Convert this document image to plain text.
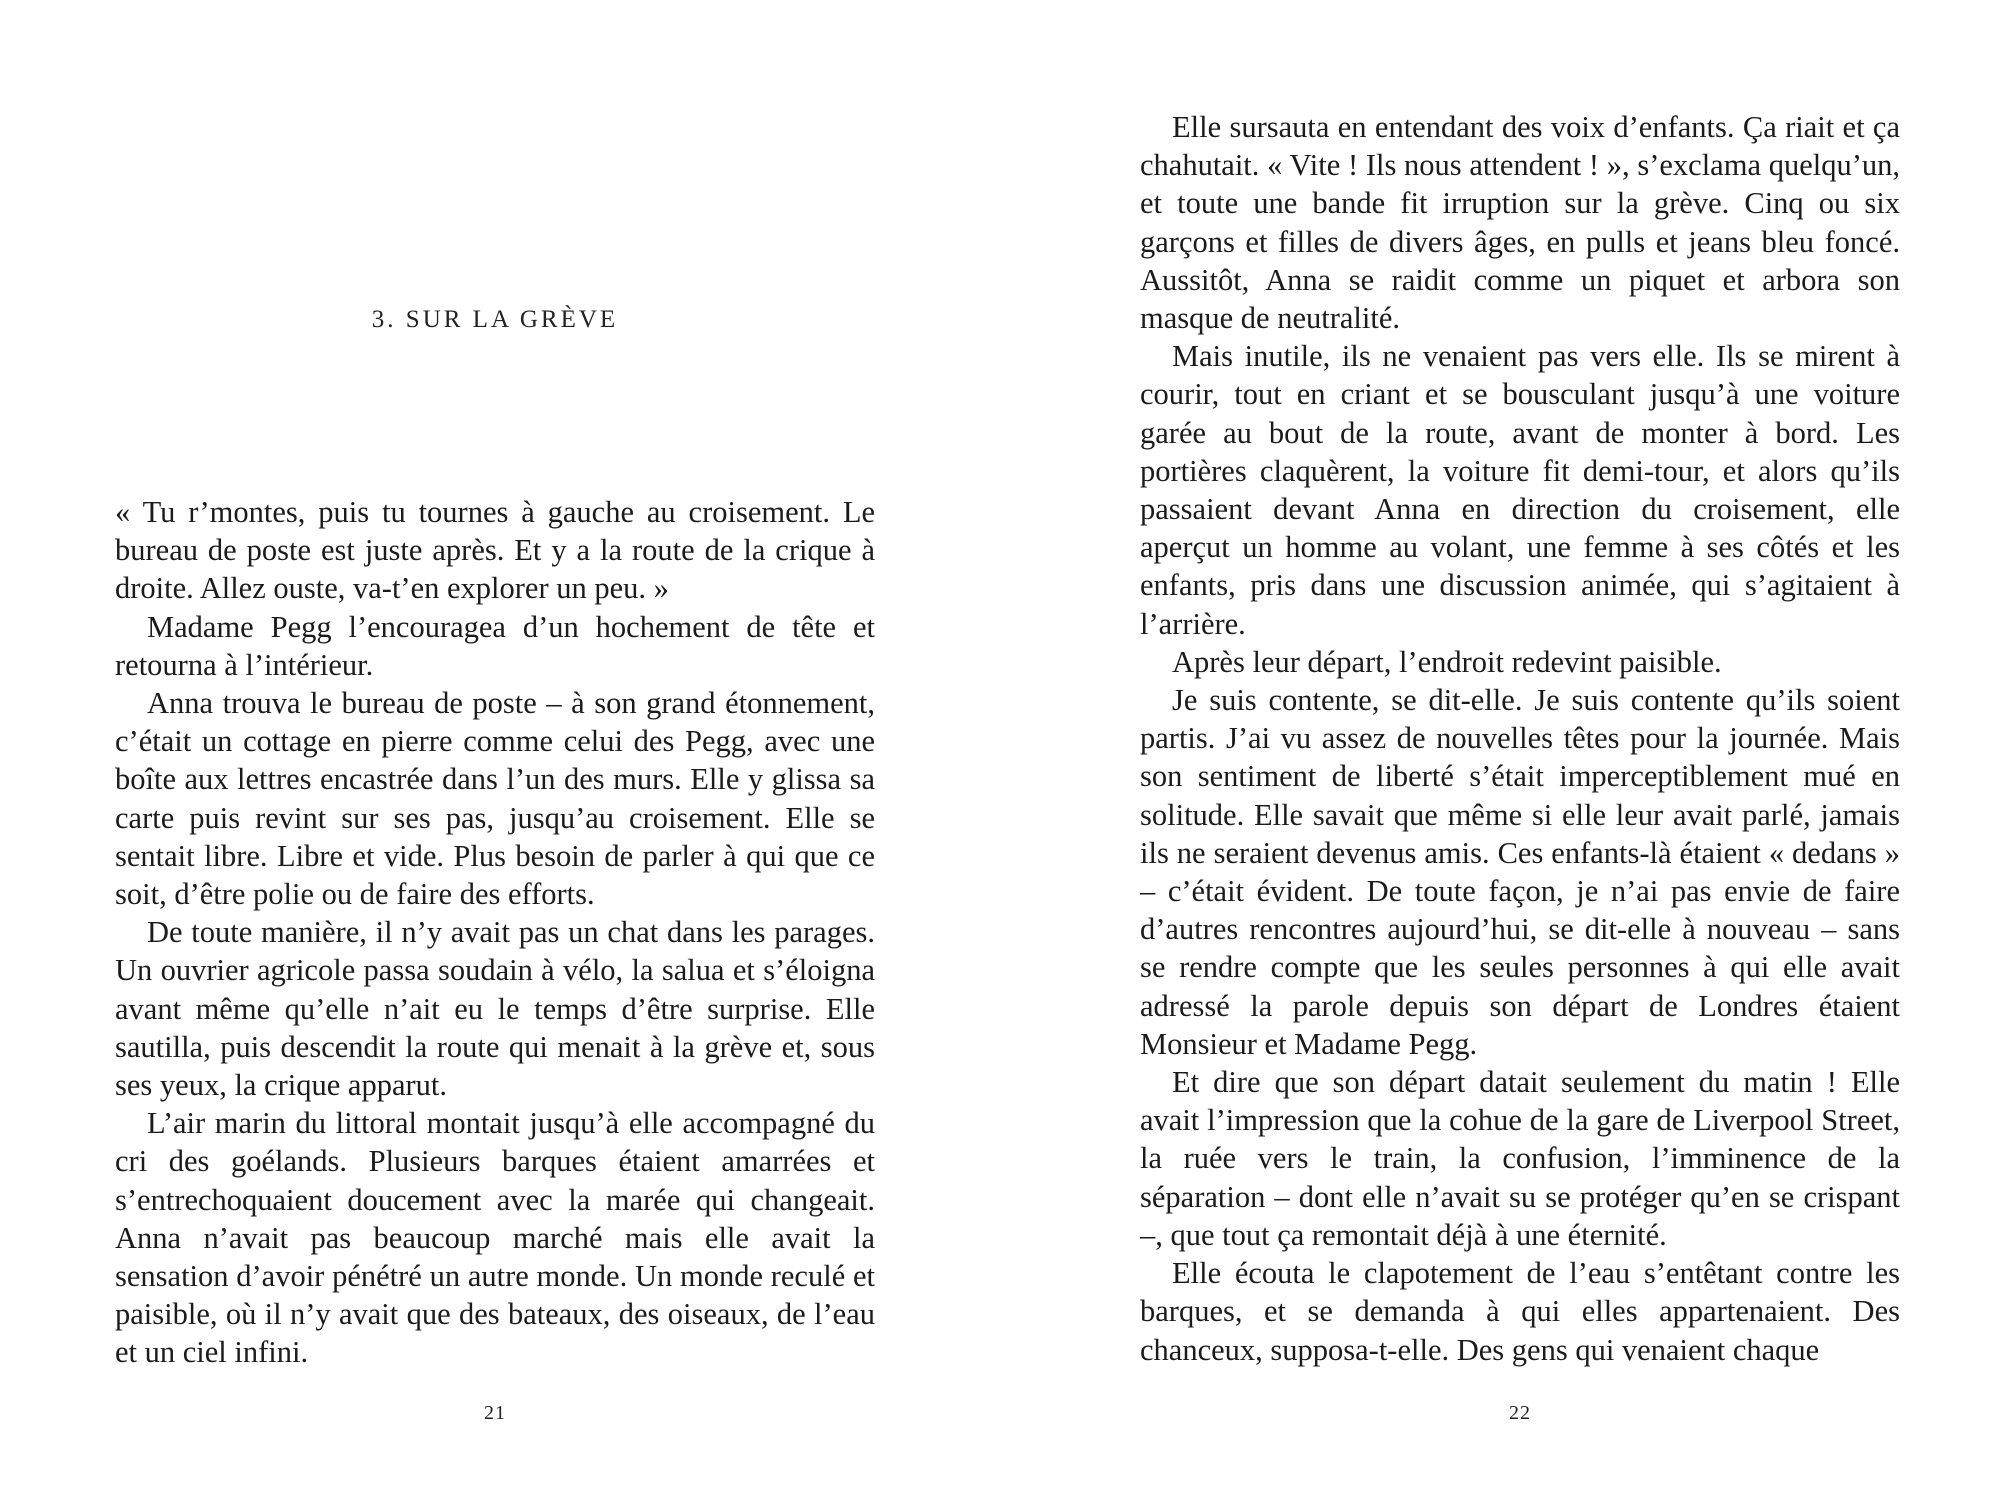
3. SUR LA GRÈVE

« Tu r’montes, puis tu tournes à gauche au croisement. Le bureau de poste est juste après. Et y a la route de la crique à droite. Allez ouste, va-t’en explorer un peu. »

Madame Pegg l’encouragea d’un hochement de tête et retourna à l’intérieur.

Anna trouva le bureau de poste – à son grand étonnement, c’était un cottage en pierre comme celui des Pegg, avec une boîte aux lettres encastrée dans l’un des murs. Elle y glissa sa carte puis revint sur ses pas, jusqu’au croisement. Elle se sentait libre. Libre et vide. Plus besoin de parler à qui que ce soit, d’être polie ou de faire des efforts.

De toute manière, il n’y avait pas un chat dans les parages. Un ouvrier agricole passa soudain à vélo, la salua et s’éloigna avant même qu’elle n’ait eu le temps d’être surprise. Elle sautilla, puis descendit la route qui menait à la grève et, sous ses yeux, la crique apparut.

L’air marin du littoral montait jusqu’à elle accompagné du cri des goélands. Plusieurs barques étaient amarrées et s’entrechoquaient doucement avec la marée qui changeait. Anna n’avait pas beaucoup marché mais elle avait la sensation d’avoir pénétré un autre monde. Un monde reculé et paisible, où il n’y avait que des bateaux, des oiseaux, de l’eau et un ciel infini.

21

Elle sursauta en entendant des voix d’enfants. Ça riait et ça chahutait. « Vite ! Ils nous attendent ! », s’exclama quelqu’un, et toute une bande fit irruption sur la grève. Cinq ou six garçons et filles de divers âges, en pulls et jeans bleu foncé. Aussitôt, Anna se raidit comme un piquet et arbora son masque de neutralité.

Mais inutile, ils ne venaient pas vers elle. Ils se mirent à courir, tout en criant et se bousculant jusqu’à une voiture garée au bout de la route, avant de monter à bord. Les portières claquèrent, la voiture fit demi-tour, et alors qu’ils passaient devant Anna en direction du croisement, elle aperçut un homme au volant, une femme à ses côtés et les enfants, pris dans une discussion animée, qui s’agitaient à l’arrière.

Après leur départ, l’endroit redevint paisible.

Je suis contente, se dit-elle. Je suis contente qu’ils soient partis. J’ai vu assez de nouvelles têtes pour la journée. Mais son sentiment de liberté s’était imperceptiblement mué en solitude. Elle savait que même si elle leur avait parlé, jamais ils ne seraient devenus amis. Ces enfants-là étaient « dedans » – c’était évident. De toute façon, je n’ai pas envie de faire d’autres rencontres aujourd’hui, se dit-elle à nouveau – sans se rendre compte que les seules personnes à qui elle avait adressé la parole depuis son départ de Londres étaient Monsieur et Madame Pegg.

Et dire que son départ datait seulement du matin ! Elle avait l’impression que la cohue de la gare de Liverpool Street, la ruée vers le train, la confusion, l’imminence de la séparation – dont elle n’avait su se protéger qu’en se crispant –, que tout ça remontait déjà à une éternité.

Elle écouta le clapotement de l’eau s’entêtant contre les barques, et se demanda à qui elles appartenaient. Des chanceux, supposa-t-elle. Des gens qui venaient chaque

22
